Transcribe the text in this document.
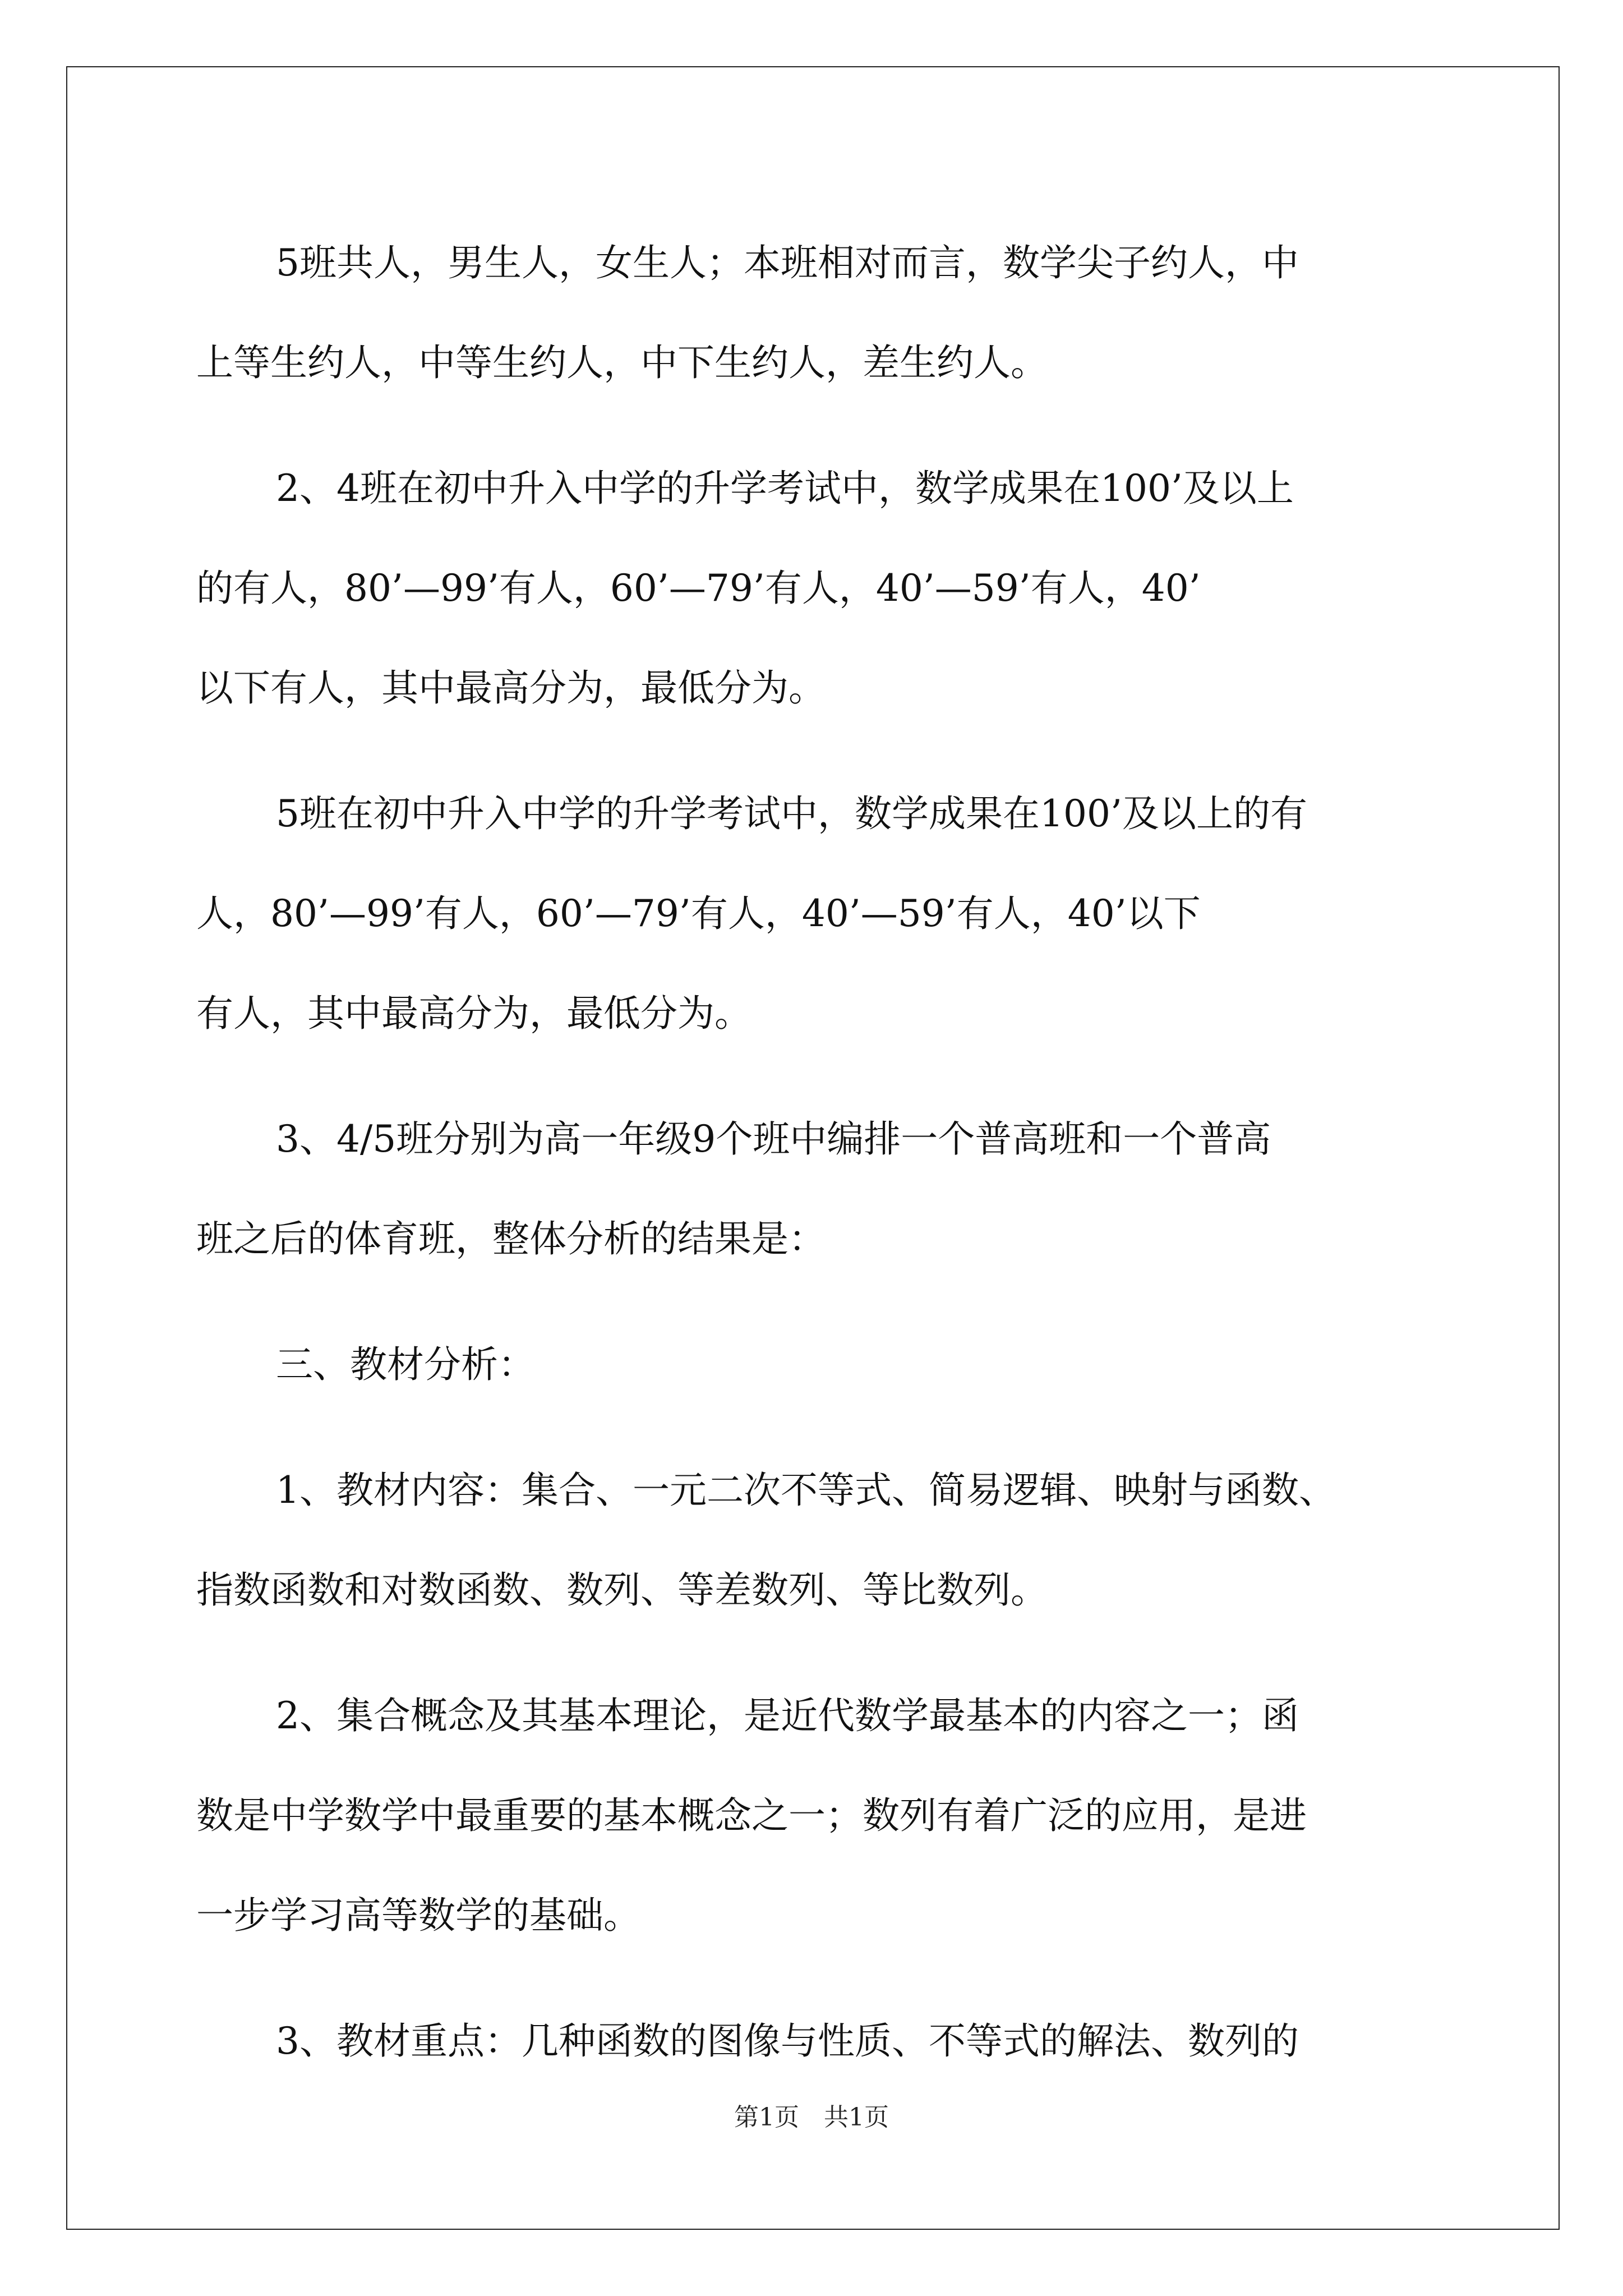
5班共人，男生人，女生人；本班相对而言，数学尖子约人，中
上等生约人，中等生约人，中下生约人，差生约人。
2、4班在初中升入中学的升学考试中，数学成果在100’及以上
的有人，80’—99’有人，60’—79’有人，40’—59’有人，40’
以下有人，其中最高分为，最低分为。
5班在初中升入中学的升学考试中，数学成果在100’及以上的有
人，80’—99’有人，60’—79’有人，40’—59’有人，40’以下
有人，其中最高分为，最低分为。
3、4/5班分别为高一年级9个班中编排一个普高班和一个普高
班之后的体育班，整体分析的结果是：
三、教材分析：
1、教材内容：集合、一元二次不等式、简易逻辑、映射与函数、
指数函数和对数函数、数列、等差数列、等比数列。
2、集合概念及其基本理论，是近代数学最基本的内容之一；函
数是中学数学中最重要的基本概念之一；数列有着广泛的应用，是进
一步学习高等数学的基础。
3、教材重点：几种函数的图像与性质、不等式的解法、数列的
第1页　共1页
